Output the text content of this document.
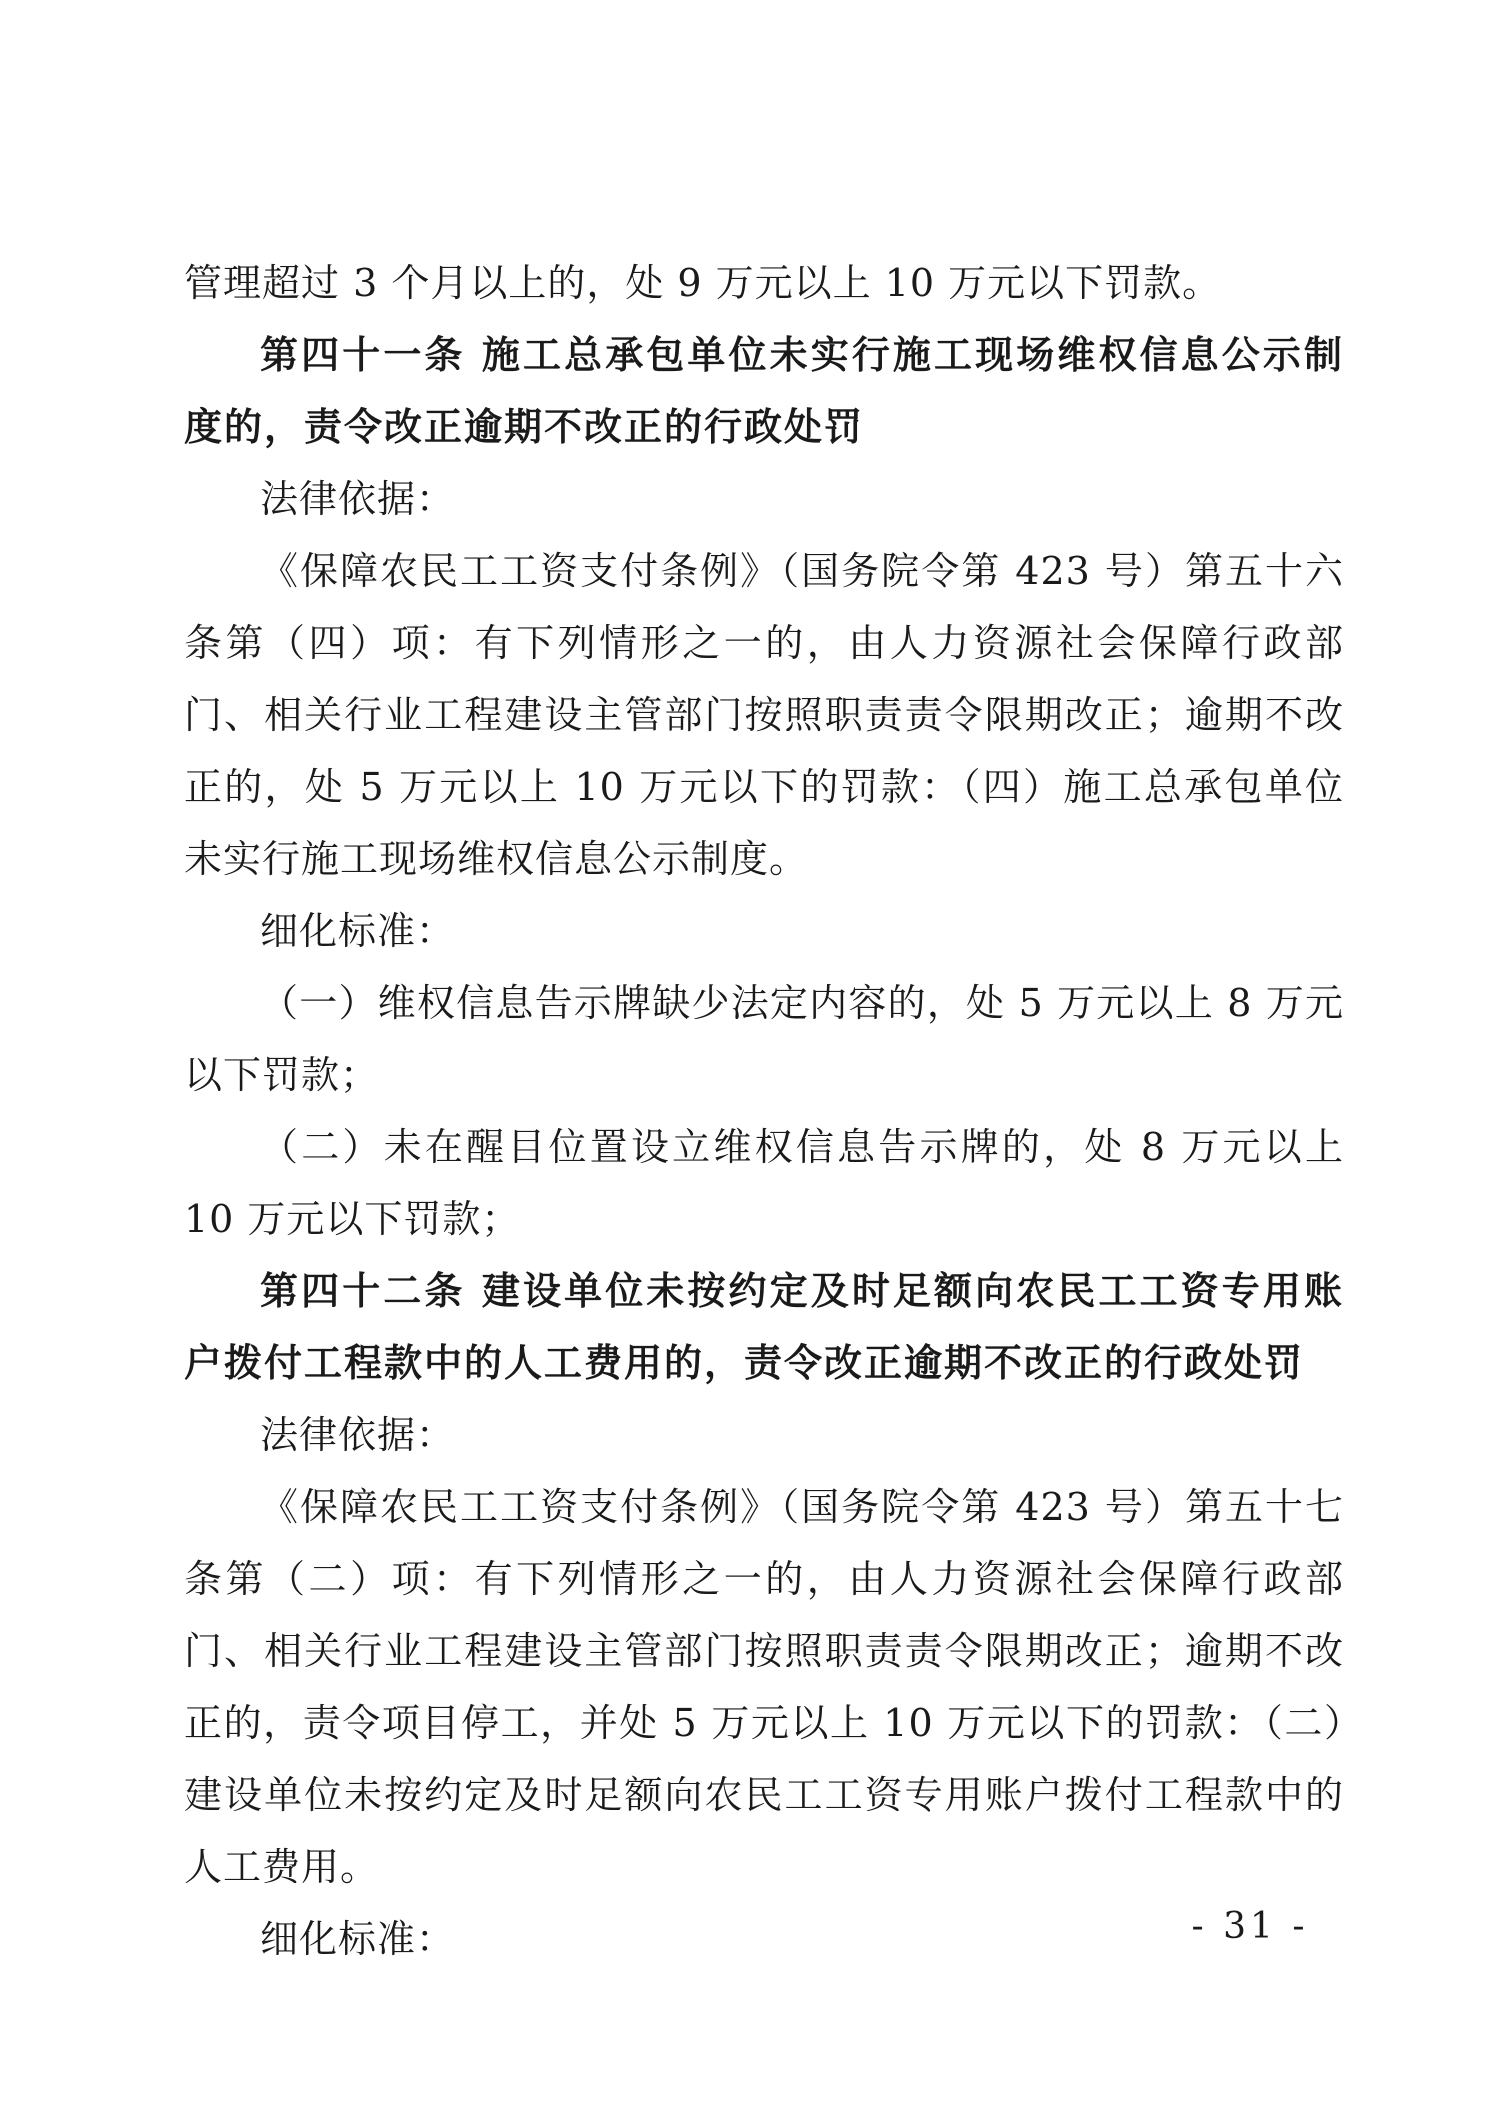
管理超过 3 个月以上的，处 9 万元以上 10 万元以下罚款。

第四十一条 施工总承包单位未实行施工现场维权信息公示制度的，责令改正逾期不改正的行政处罚

法律依据：

《保障农民工工资支付条例》（国务院令第 423 号）第五十六条第（四）项：有下列情形之一的，由人力资源社会保障行政部门、相关行业工程建设主管部门按照职责责令限期改正；逾期不改正的，处 5 万元以上 10 万元以下的罚款：（四）施工总承包单位未实行施工现场维权信息公示制度。

细化标准：

（一）维权信息告示牌缺少法定内容的，处 5 万元以上 8 万元以下罚款；

（二）未在醒目位置设立维权信息告示牌的，处 8 万元以上 10 万元以下罚款；

第四十二条 建设单位未按约定及时足额向农民工工资专用账户拨付工程款中的人工费用的，责令改正逾期不改正的行政处罚

法律依据：

《保障农民工工资支付条例》（国务院令第 423 号）第五十七条第（二）项：有下列情形之一的，由人力资源社会保障行政部门、相关行业工程建设主管部门按照职责责令限期改正；逾期不改正的，责令项目停工，并处 5 万元以上 10 万元以下的罚款：（二）建设单位未按约定及时足额向农民工工资专用账户拨付工程款中的人工费用。

细化标准：	- 31 -
